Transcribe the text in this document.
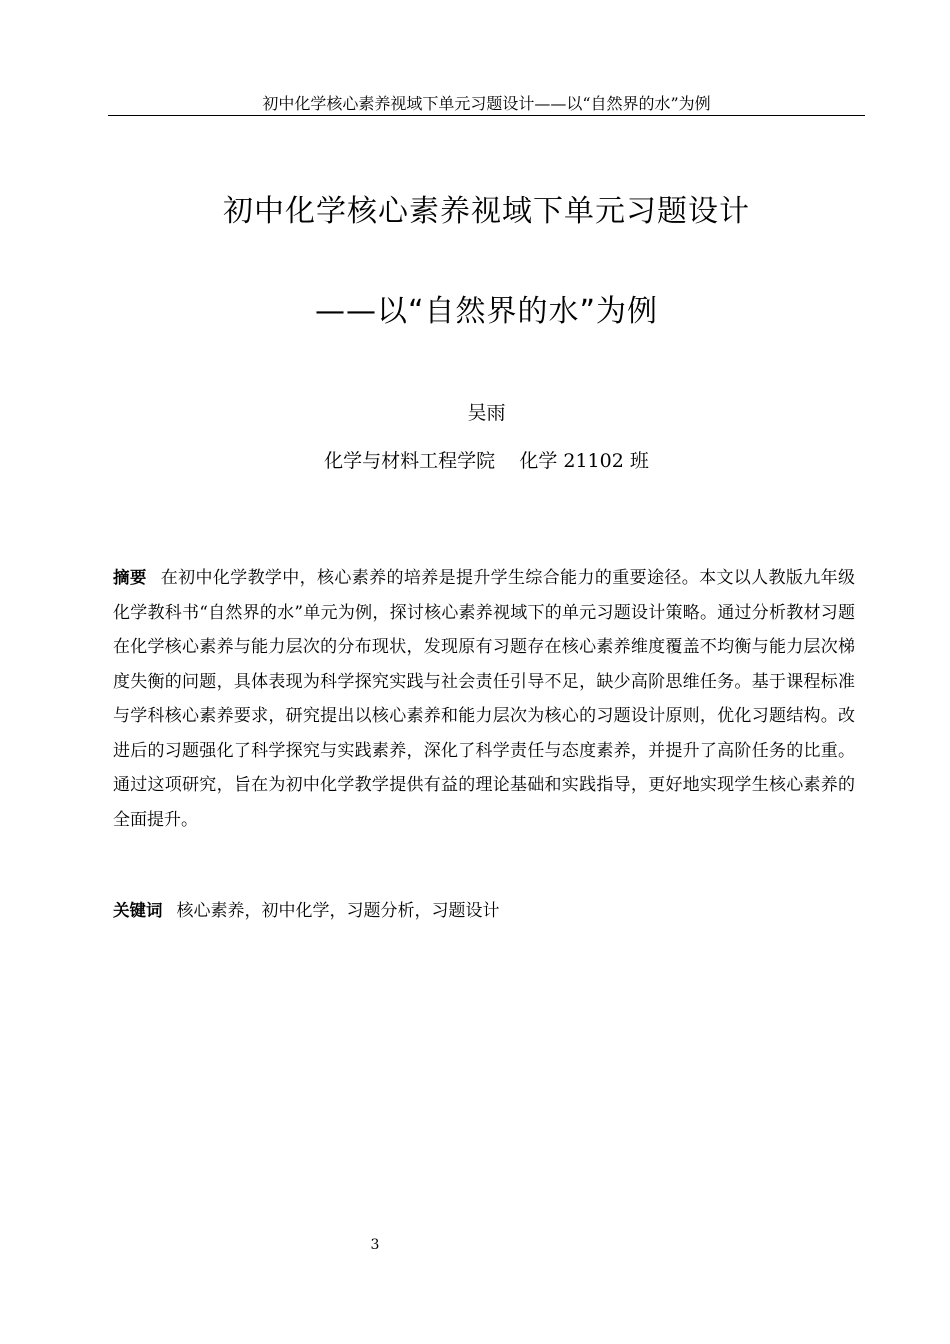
初中化学核心素养视域下单元习题设计——以“自然界的水”为例
初中化学核心素养视域下单元习题设计
——以“自然界的水”为例
吴雨
化学与材料工程学院    化学 21102 班
摘要 在初中化学教学中，核心素养的培养是提升学生综合能力的重要途径。本文以人教版九年级化学教科书“自然界的水”单元为例，探讨核心素养视域下的单元习题设计策略。通过分析教材习题在化学核心素养与能力层次的分布现状，发现原有习题存在核心素养维度覆盖不均衡与能力层次梯度失衡的问题，具体表现为科学探究实践与社会责任引导不足，缺少高阶思维任务。基于课程标准与学科核心素养要求，研究提出以核心素养和能力层次为核心的习题设计原则，优化习题结构。改进后的习题强化了科学探究与实践素养，深化了科学责任与态度素养，并提升了高阶任务的比重。通过这项研究，旨在为初中化学教学提供有益的理论基础和实践指导，更好地实现学生核心素养的全面提升。
关键词 核心素养，初中化学，习题分析，习题设计
3
